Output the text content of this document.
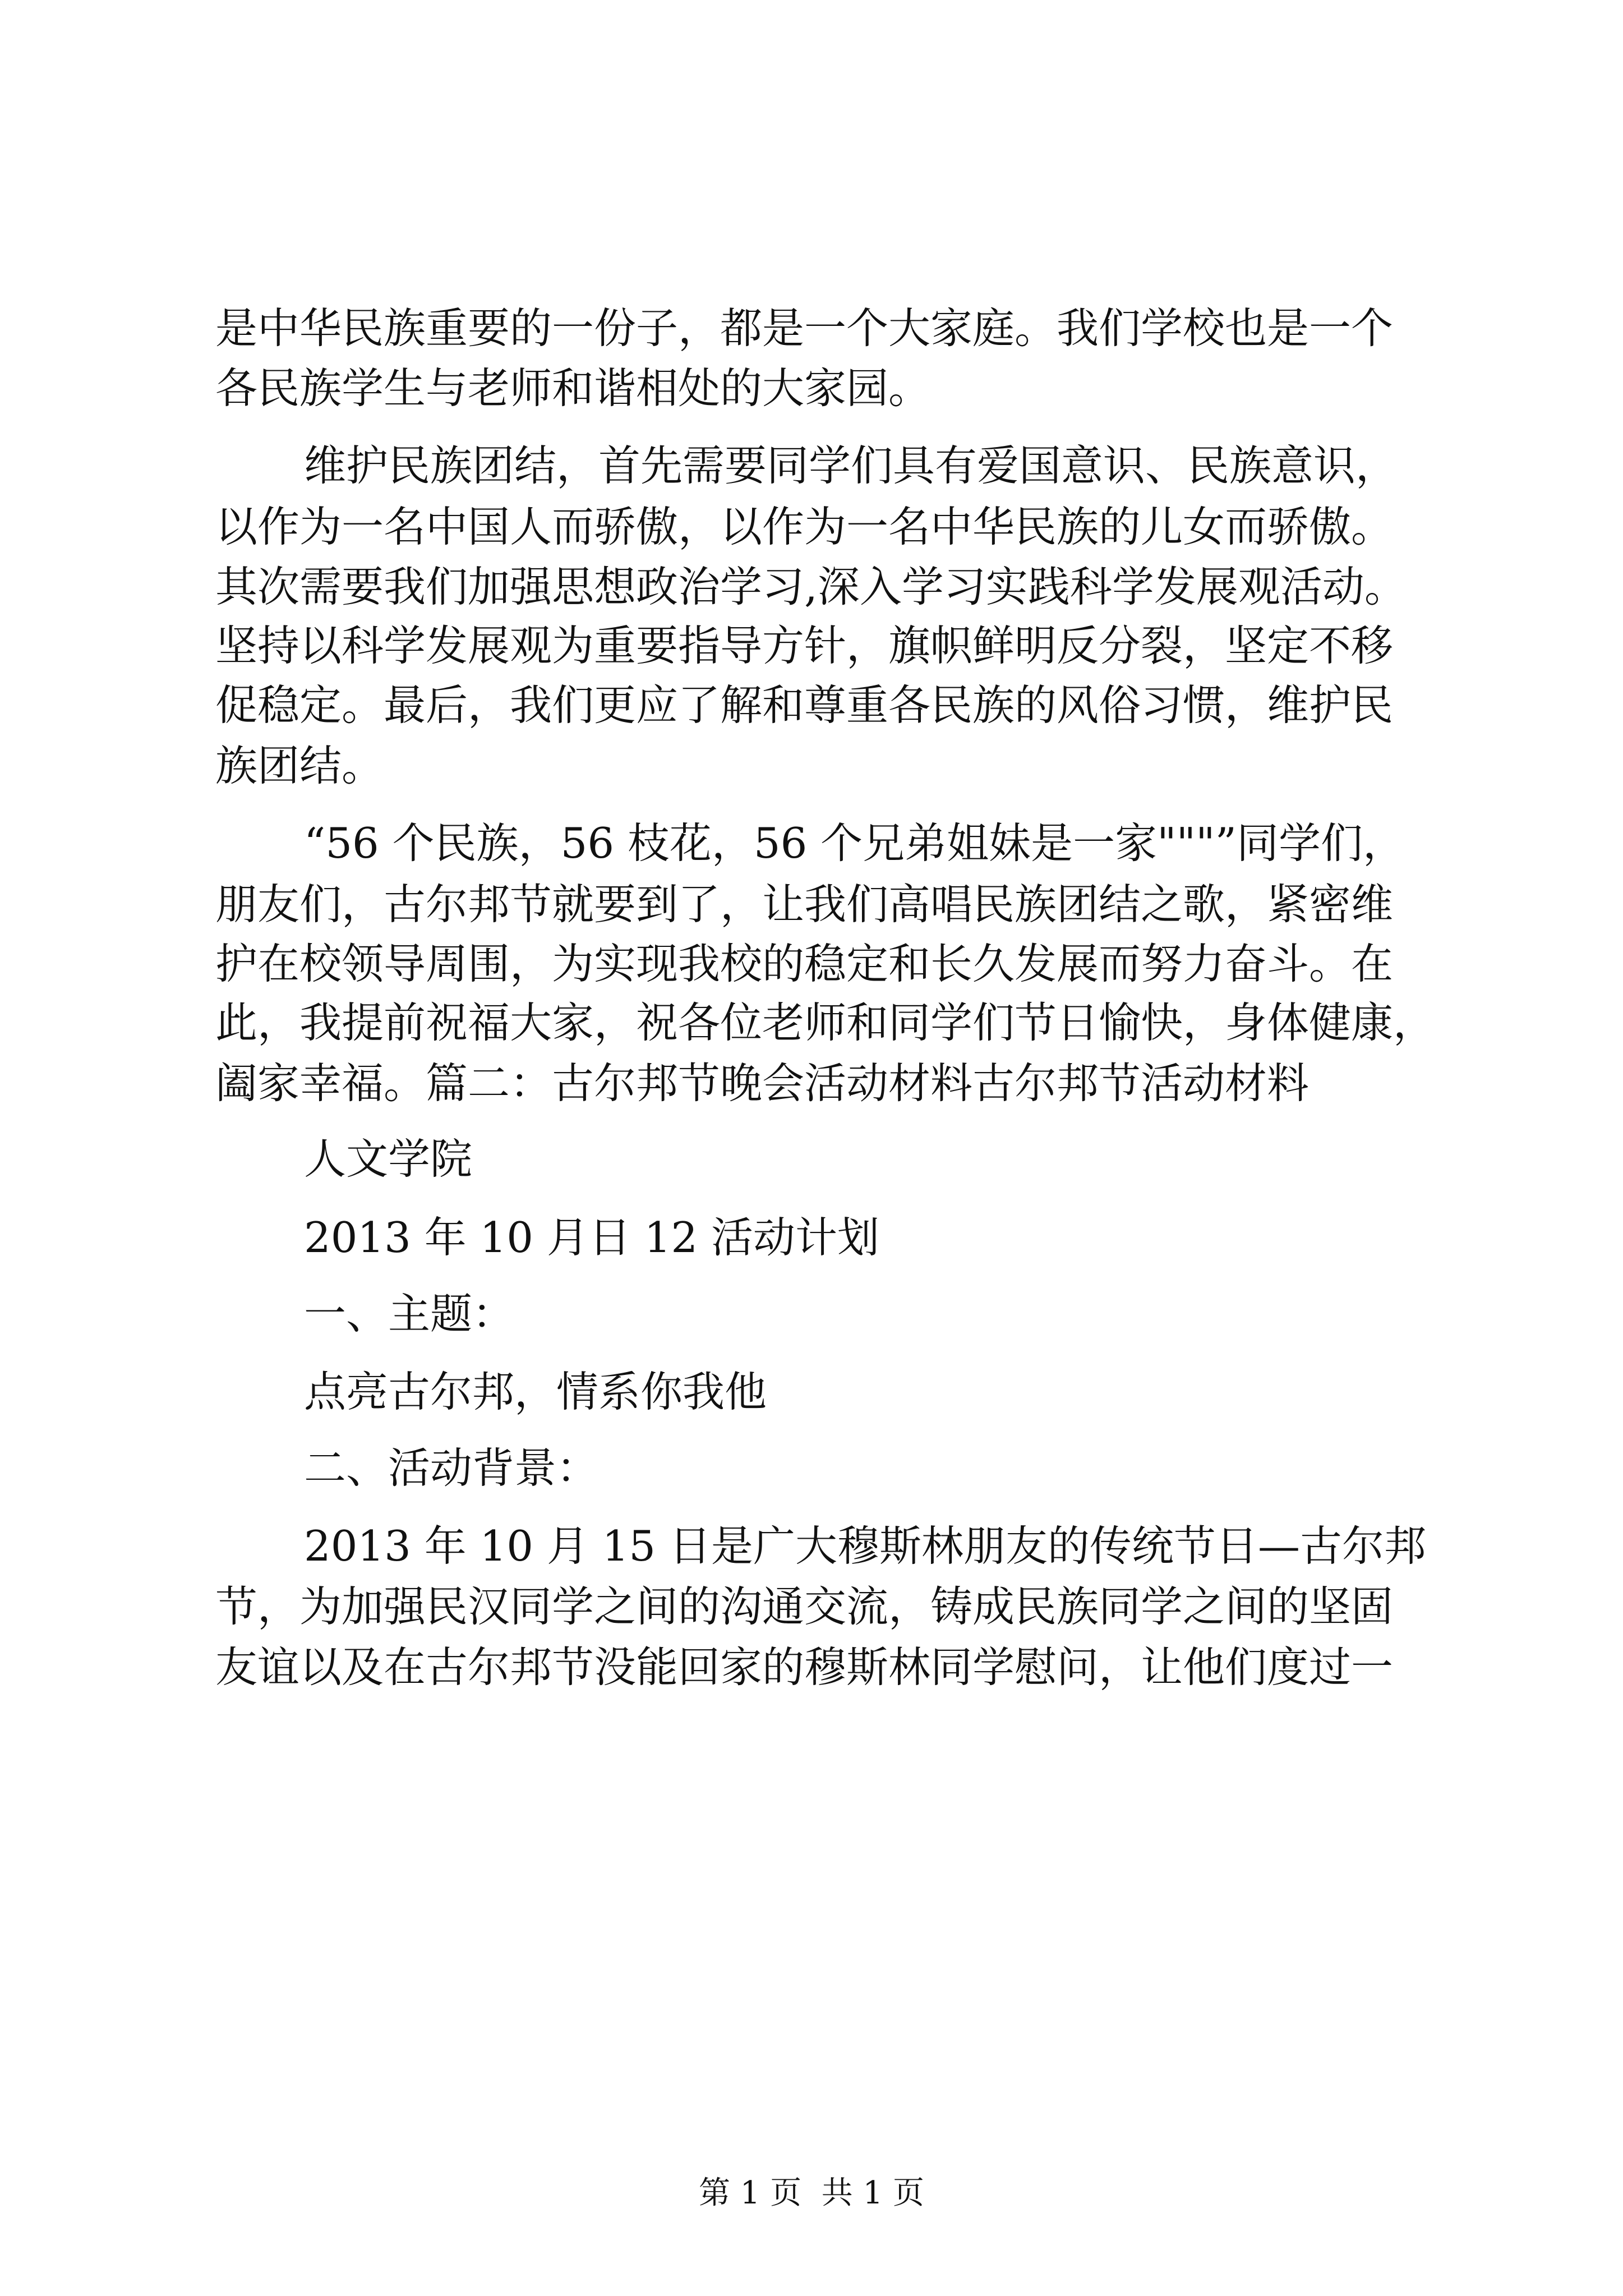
是中华民族重要的一份子，都是一个大家庭。我们学校也是一个
各民族学生与老师和谐相处的大家园。
维护民族团结，首先需要同学们具有爱国意识、民族意识，
以作为一名中国人而骄傲，以作为一名中华民族的儿女而骄傲。
其次需要我们加强思想政治学习,深入学习实践科学发展观活动。
坚持以科学发展观为重要指导方针，旗帜鲜明反分裂，坚定不移
促稳定。最后，我们更应了解和尊重各民族的风俗习惯，维护民
族团结。
“56 个民族，56 枝花，56 个兄弟姐妹是一家"""”同学们，
朋友们，古尔邦节就要到了，让我们高唱民族团结之歌，紧密维
护在校领导周围，为实现我校的稳定和长久发展而努力奋斗。在
此，我提前祝福大家，祝各位老师和同学们节日愉快，身体健康，
阖家幸福。篇二：古尔邦节晚会活动材料古尔邦节活动材料
人文学院
2013 年 10 月日 12 活动计划
一、主题：
点亮古尔邦，情系你我他
二、活动背景：
2013 年 10 月 15 日是广大穆斯林朋友的传统节日—古尔邦
节，为加强民汉同学之间的沟通交流，铸成民族同学之间的坚固
友谊以及在古尔邦节没能回家的穆斯林同学慰问，让他们度过一
第 1 页  共 1 页
